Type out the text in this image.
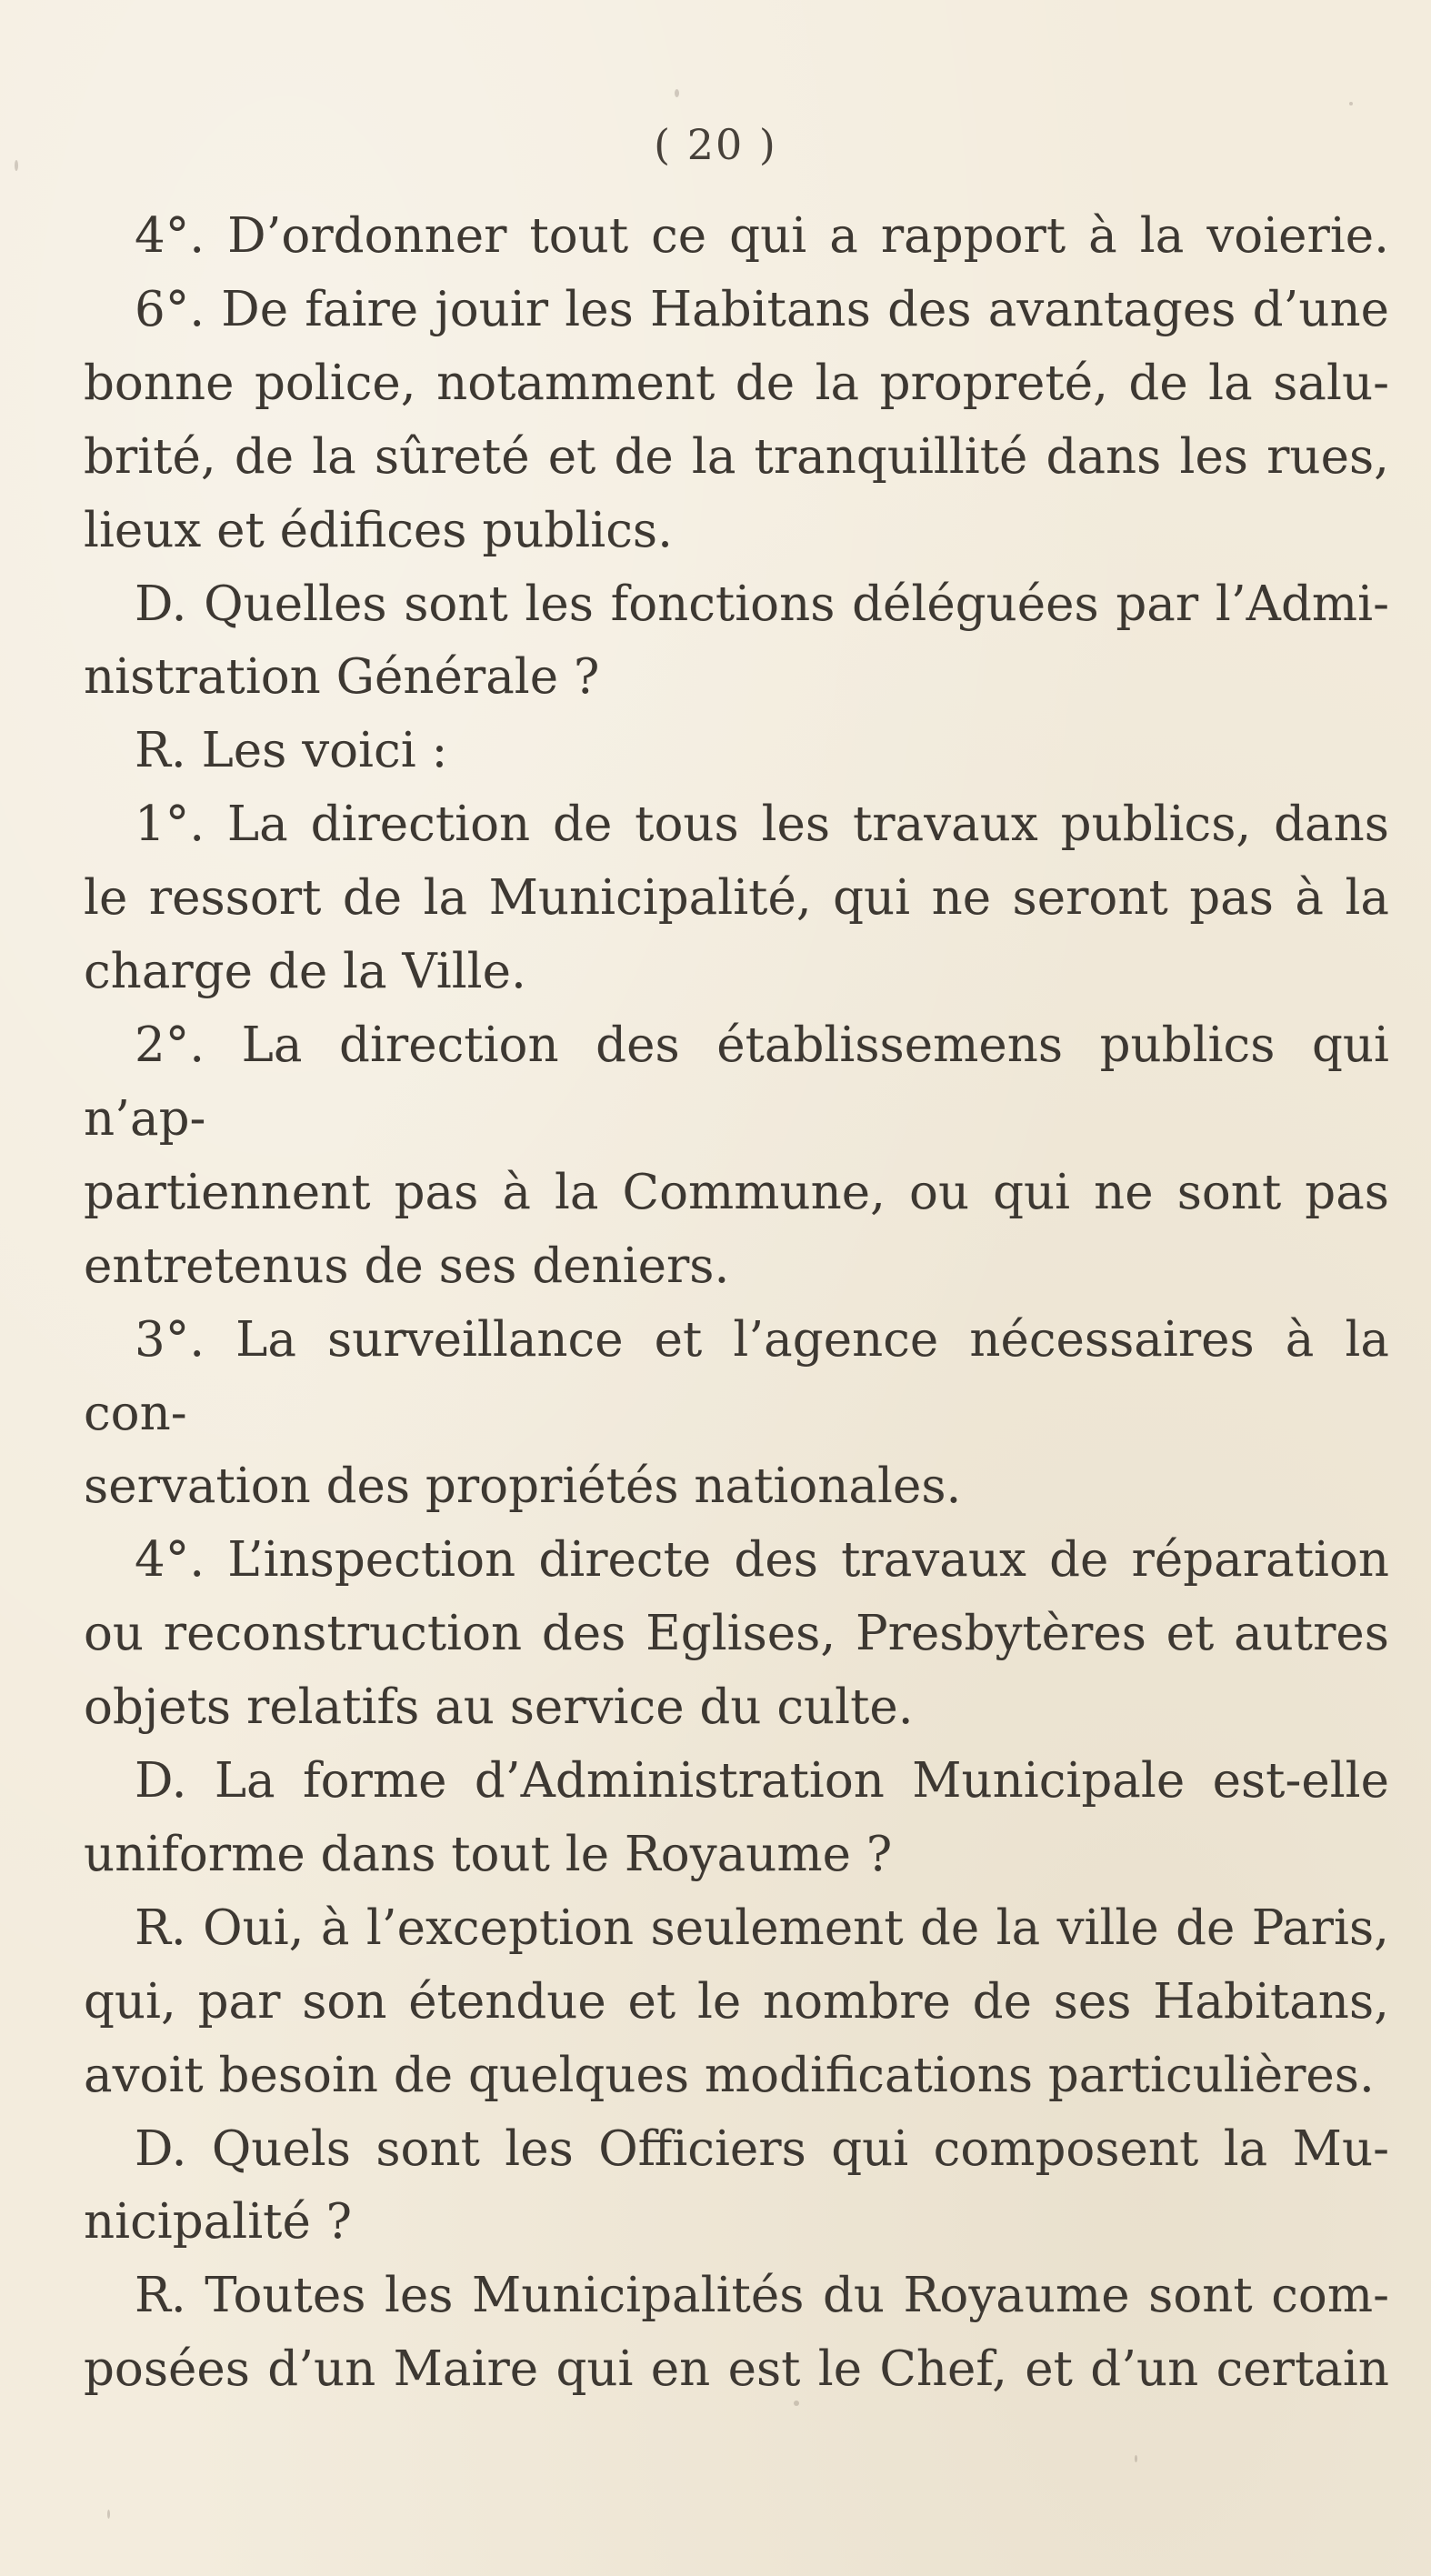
( 20 )
4°. D’ordonner tout ce qui a rapport à la voierie.
6°. De faire jouir les Habitans des avantages d’une
bonne police, notamment de la propreté, de la salu-
brité, de la sûreté et de la tranquillité dans les rues,
lieux et édifices publics.
D. Quelles sont les fonctions déléguées par l’Admi-
nistration Générale ?
R. Les voici :
1°. La direction de tous les travaux publics, dans
le ressort de la Municipalité, qui ne seront pas à la
charge de la Ville.
2°. La direction des établissemens publics qui n’ap-
partiennent pas à la Commune, ou qui ne sont pas
entretenus de ses deniers.
3°. La surveillance et l’agence nécessaires à la con-
servation des propriétés nationales.
4°. L’inspection directe des travaux de réparation
ou reconstruction des Eglises, Presbytères et autres
objets relatifs au service du culte.
D. La forme d’Administration Municipale est-elle
uniforme dans tout le Royaume ?
R. Oui, à l’exception seulement de la ville de Paris,
qui, par son étendue et le nombre de ses Habitans,
avoit besoin de quelques modifications particulières.
D. Quels sont les Officiers qui composent la Mu-
nicipalité ?
R. Toutes les Municipalités du Royaume sont com-
posées d’un Maire qui en est le Chef, et d’un certain
